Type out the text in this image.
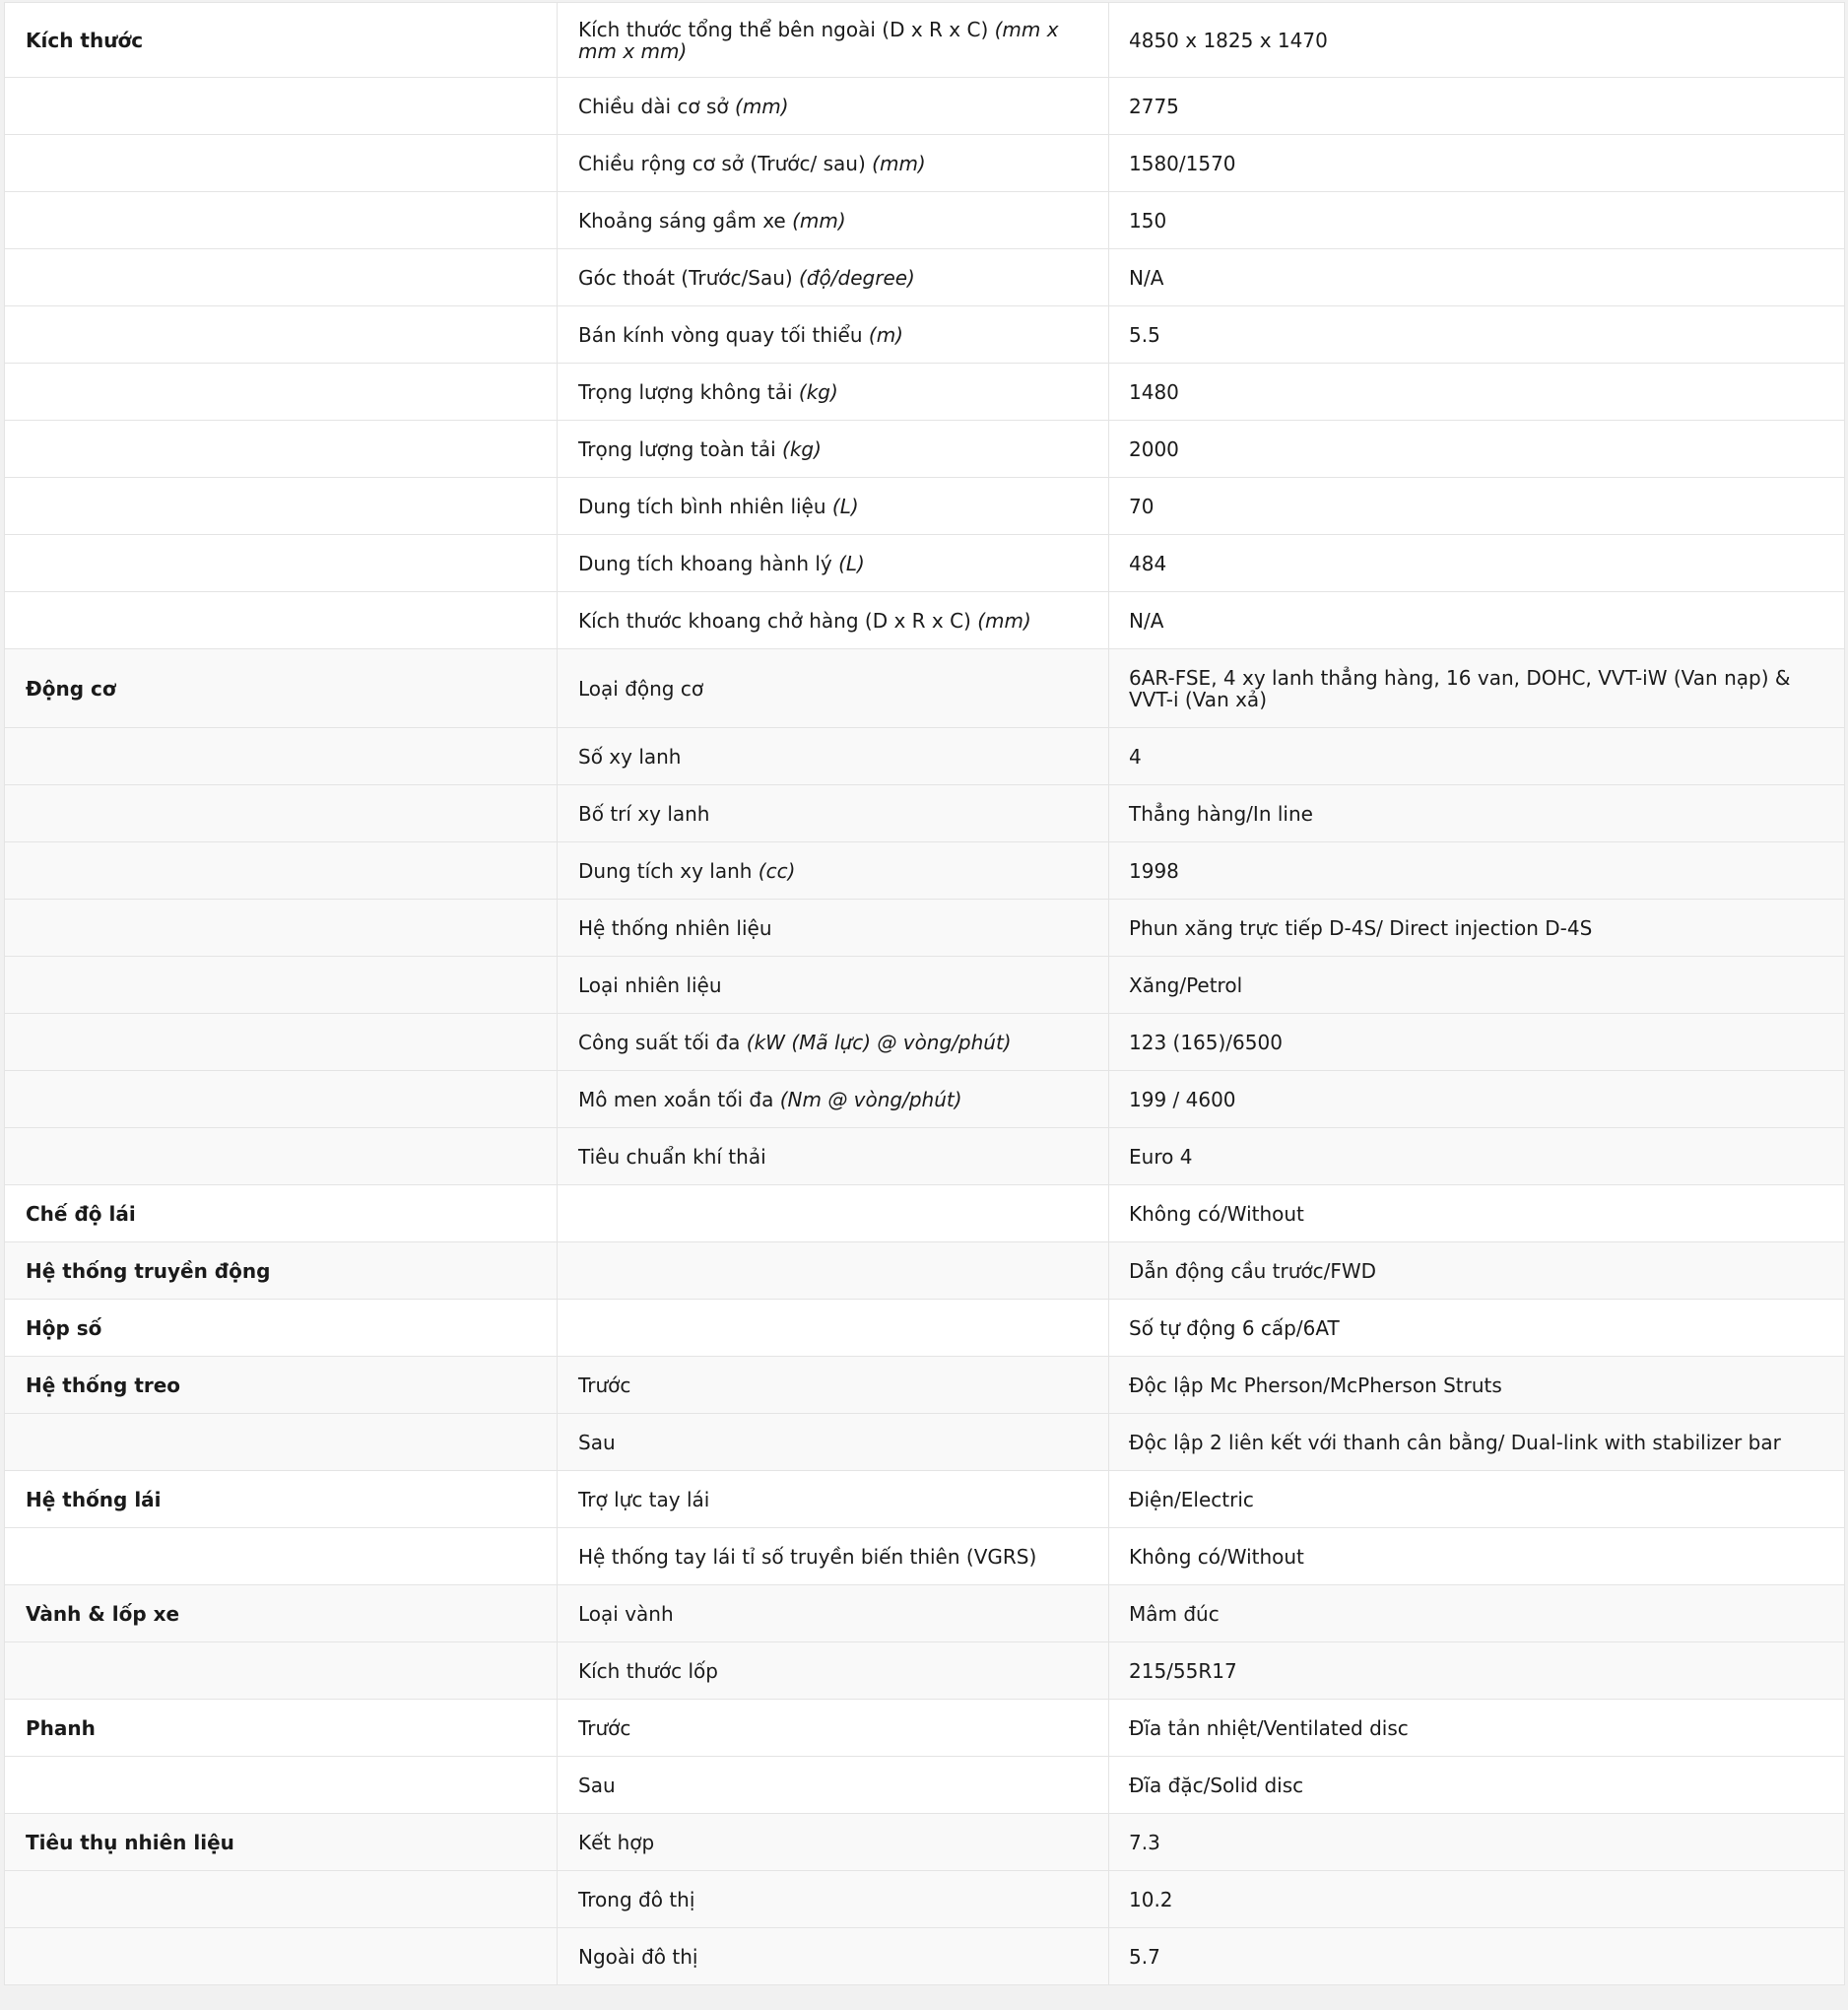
Kích thước	Kích thước tổng thể bên ngoài (D x R x C) (mm x mm x mm)	4850 x 1825 x 1470
	Chiều dài cơ sở (mm)	2775
	Chiều rộng cơ sở (Trước/ sau) (mm)	1580/1570
	Khoảng sáng gầm xe (mm)	150
	Góc thoát (Trước/Sau) (độ/degree)	N/A
	Bán kính vòng quay tối thiểu (m)	5.5
	Trọng lượng không tải (kg)	1480
	Trọng lượng toàn tải (kg)	2000
	Dung tích bình nhiên liệu (L)	70
	Dung tích khoang hành lý (L)	484
	Kích thước khoang chở hàng (D x R x C) (mm)	N/A
Động cơ	Loại động cơ	6AR-FSE, 4 xy lanh thẳng hàng, 16 van, DOHC, VVT-iW (Van nạp) & VVT-i (Van xả)
	Số xy lanh	4
	Bố trí xy lanh	Thẳng hàng/In line
	Dung tích xy lanh (cc)	1998
	Hệ thống nhiên liệu	Phun xăng trực tiếp D-4S/ Direct injection D-4S
	Loại nhiên liệu	Xăng/Petrol
	Công suất tối đa (kW (Mã lực) @ vòng/phút)	123 (165)/6500
	Mô men xoắn tối đa (Nm @ vòng/phút)	199 / 4600
	Tiêu chuẩn khí thải	Euro 4
Chế độ lái		Không có/Without
Hệ thống truyền động		Dẫn động cầu trước/FWD
Hộp số		Số tự động 6 cấp/6AT
Hệ thống treo	Trước	Độc lập Mc Pherson/McPherson Struts
	Sau	Độc lập 2 liên kết với thanh cân bằng/ Dual-link with stabilizer bar
Hệ thống lái	Trợ lực tay lái	Điện/Electric
	Hệ thống tay lái tỉ số truyền biến thiên (VGRS)	Không có/Without
Vành & lốp xe	Loại vành	Mâm đúc
	Kích thước lốp	215/55R17
Phanh	Trước	Đĩa tản nhiệt/Ventilated disc
	Sau	Đĩa đặc/Solid disc
Tiêu thụ nhiên liệu	Kết hợp	7.3
	Trong đô thị	10.2
	Ngoài đô thị	5.7
